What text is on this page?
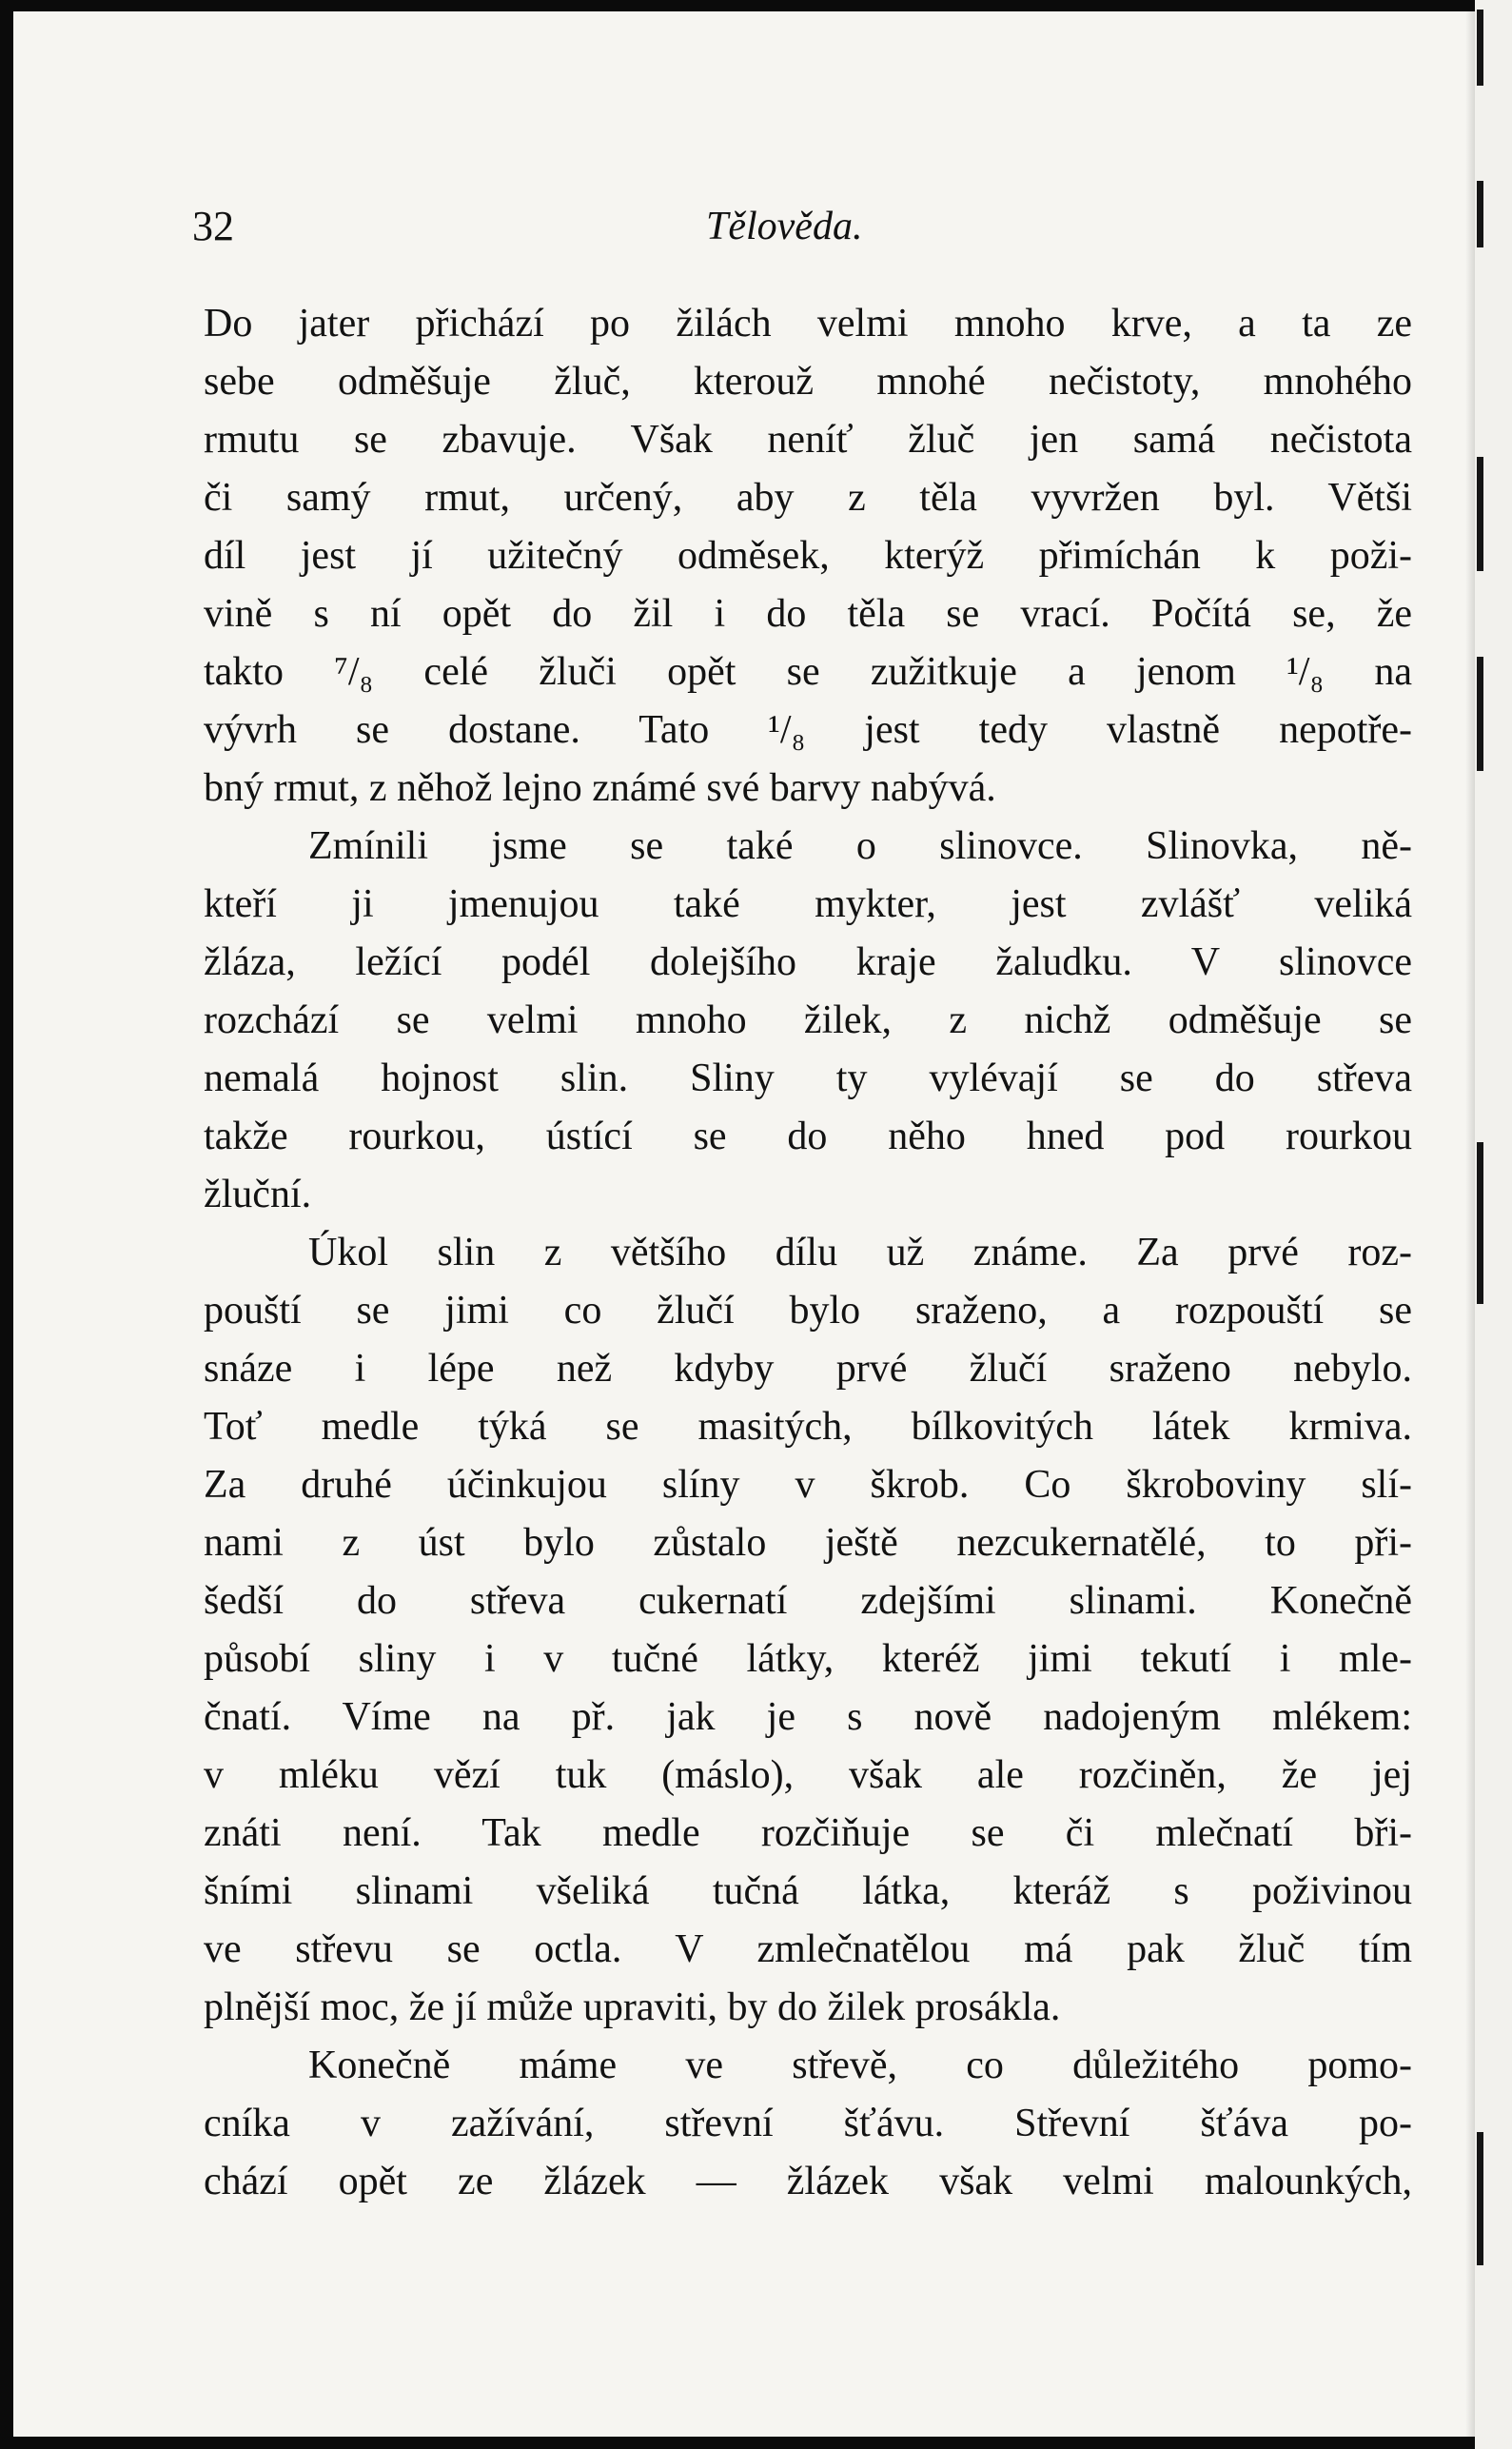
32	Tělověda.
Do jater přichází po žilách velmi mnoho krve, a ta ze
sebe odměšuje žluč, kterouž mnohé nečistoty, mnohého
rmutu se zbavuje. Však neníť žluč jen samá nečistota
či samý rmut, určený, aby z těla vyvržen byl. Větši
díl jest jí užitečný odměsek, kterýž přimíchán k poži-
vině s ní opět do žil i do těla se vrací. Počítá se, že
takto ⁷/₈ celé žluči opět se zužitkuje a jenom ¹/₈ na
vývrh se dostane. Tato ¹/₈ jest tedy vlastně nepotře-
bný rmut, z něhož lejno známé své barvy nabývá.
Zmínili jsme se také o slinovce. Slinovka, ně-
kteří ji jmenujou také mykter, jest zvlášť veliká
žláza, ležící podél dolejšího kraje žaludku. V slinovce
rozchází se velmi mnoho žilek, z nichž odměšuje se
nemalá hojnost slin. Sliny ty vylévají se do střeva
takže rourkou, ústící se do něho hned pod rourkou
žluční.
Úkol slin z většího dílu už známe. Za prvé roz-
pouští se jimi co žlučí bylo sraženo, a rozpouští se
snáze i lépe než kdyby prvé žlučí sraženo nebylo.
Toť medle týká se masitých, bílkovitých látek krmiva.
Za druhé účinkujou slíny v škrob. Co škroboviny slí-
nami z úst bylo zůstalo ještě nezcukernatělé, to při-
šedší do střeva cukernatí zdejšími slinami. Konečně
působí sliny i v tučné látky, kteréž jimi tekutí i mle-
čnatí. Víme na př. jak je s nově nadojeným mlékem:
v mléku vězí tuk (máslo), však ale rozčiněn, že jej
znáti není. Tak medle rozčiňuje se či mlečnatí bři-
šními slinami všeliká tučná látka, kteráž s poživinou
ve střevu se octla. V zmlečnatělou má pak žluč tím
plnější moc, že jí může upraviti, by do žilek prosákla.
Konečně máme ve střevě, co důležitého pomo-
cníka v zažívání, střevní šťávu. Střevní šťáva po-
chází opět ze žlázek — žlázek však velmi malounkých,
